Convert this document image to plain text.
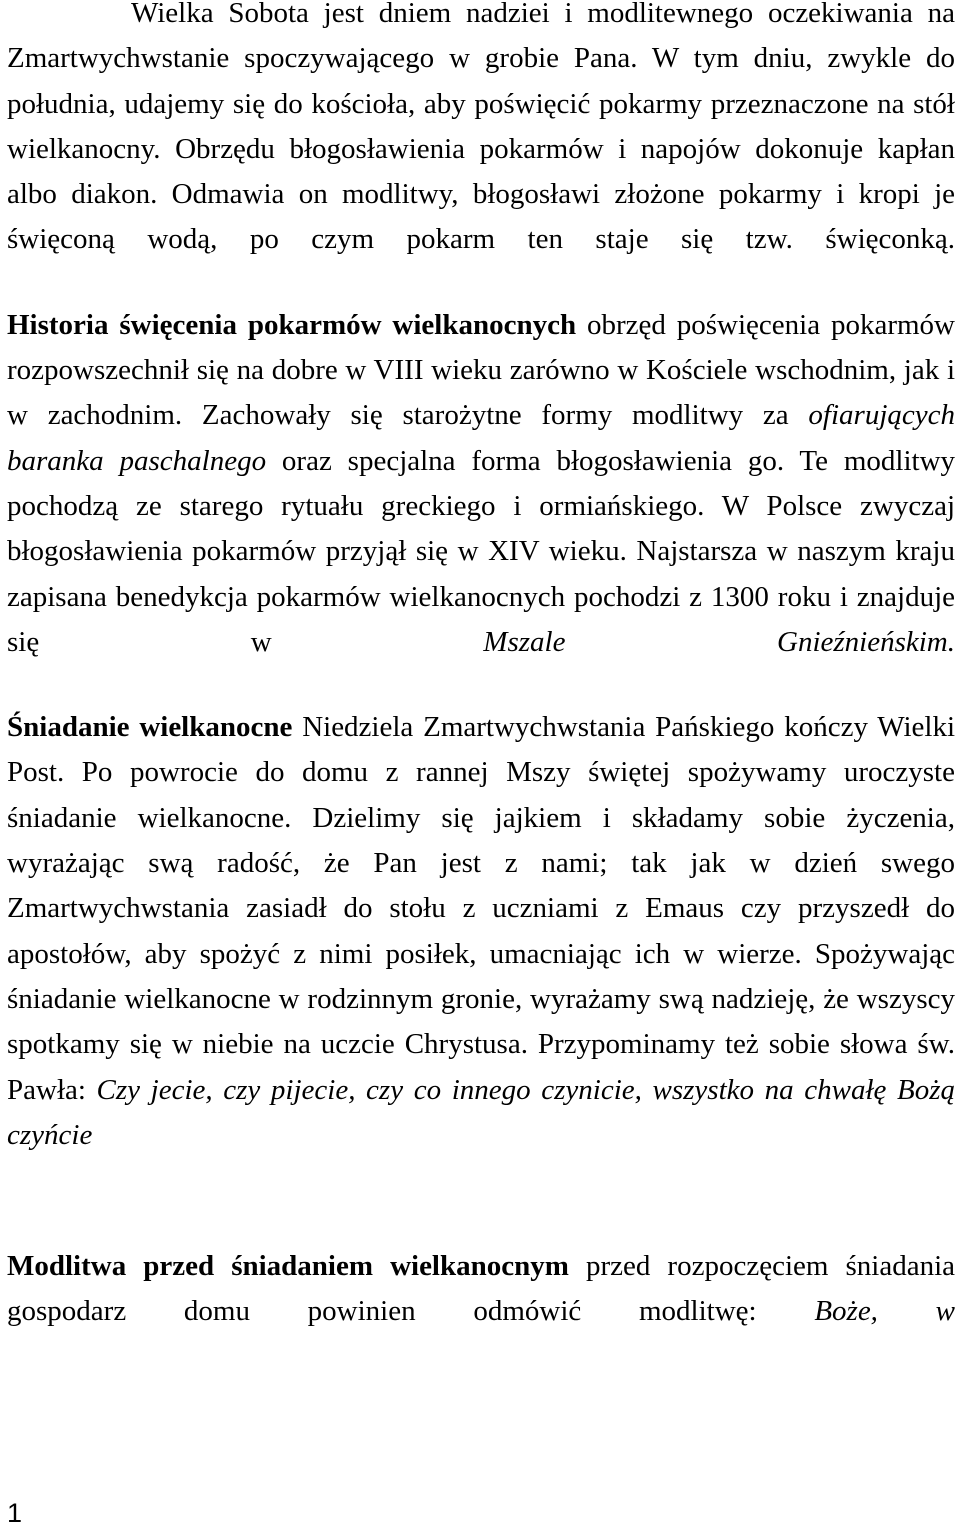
Wielka Sobota jest dniem nadziei i modlitewnego oczekiwania na Zmartwychwstanie spoczywającego w grobie Pana. W tym dniu, zwykle do południa, udajemy się do kościoła, aby poświęcić pokarmy przeznaczone na stół wielkanocny. Obrzędu błogosławienia pokarmów i napojów dokonuje kapłan albo diakon. Odmawia on modlitwy, błogosławi złożone pokarmy i kropi je święconą wodą, po czym pokarm ten staje się tzw. święconką.

Historia święcenia pokarmów wielkanocnych obrzęd poświęcenia pokarmów rozpowszechnił się na dobre w VIII wieku zarówno w Kościele wschodnim, jak i w zachodnim. Zachowały się starożytne formy modlitwy za ofiarujących baranka paschalnego oraz specjalna forma błogosławienia go. Te modlitwy pochodzą ze starego rytuału greckiego i ormiańskiego. W Polsce zwyczaj błogosławienia pokarmów przyjął się w XIV wieku. Najstarsza w naszym kraju zapisana benedykcja pokarmów wielkanocnych pochodzi z 1300 roku i znajduje się w Mszale Gnieźnieńskim.

Śniadanie wielkanocne Niedziela Zmartwychwstania Pańskiego kończy Wielki Post. Po powrocie do domu z rannej Mszy świętej spożywamy uroczyste śniadanie wielkanocne. Dzielimy się jajkiem i składamy sobie życzenia, wyrażając swą radość, że Pan jest z nami; tak jak w dzień swego Zmartwychwstania zasiadł do stołu z uczniami z Emaus czy przyszedł do apostołów, aby spożyć z nimi posiłek, umacniając ich w wierze. Spożywając śniadanie wielkanocne w rodzinnym gronie, wyrażamy swą nadzieję, że wszyscy spotkamy się w niebie na uczcie Chrystusa. Przypominamy też sobie słowa św. Pawła: Czy jecie, czy pijecie, czy co innego czynicie, wszystko na chwałę Bożą czyńcie

Modlitwa przed śniadaniem wielkanocnym przed rozpoczęciem śniadania gospodarz domu powinien odmówić modlitwę: Boże, w

1
